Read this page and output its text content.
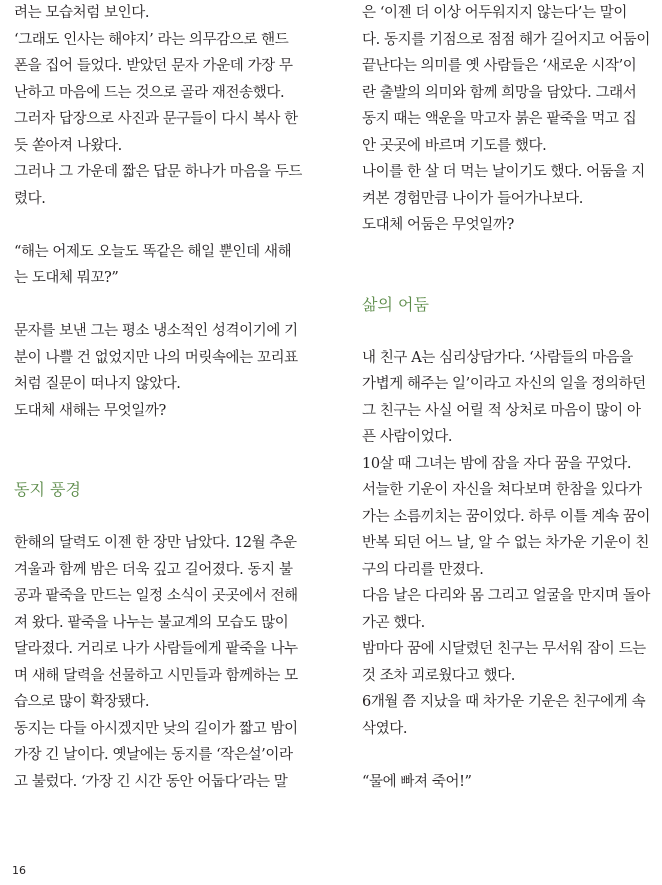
려는 모습처럼 보인다.
‘그래도 인사는 해야지’ 라는 의무감으로 핸드
폰을 집어 들었다. 받았던 문자 가운데 가장 무
난하고 마음에 드는 것으로 골라 재전송했다.
그러자 답장으로 사진과 문구들이 다시 복사 한
듯 쏟아져 나왔다.
그러나 그 가운데 짧은 답문 하나가 마음을 두드
렸다.
“해는 어제도 오늘도 똑같은 해일 뿐인데 새해
는 도대체 뭐꼬?”
문자를 보낸 그는 평소 냉소적인 성격이기에 기
분이 나쁠 건 없었지만 나의 머릿속에는 꼬리표
처럼 질문이 떠나지 않았다.
도대체 새해는 무엇일까?
동지 풍경
한해의 달력도 이젠 한 장만 남았다. 12월 추운
겨울과 함께 밤은 더욱 깊고 길어졌다. 동지 불
공과 팥죽을 만드는 일정 소식이 곳곳에서 전해
져 왔다. 팥죽을 나누는 불교계의 모습도 많이
달라졌다. 거리로 나가 사람들에게 팥죽을 나누
며 새해 달력을 선물하고 시민들과 함께하는 모
습으로 많이 확장됐다.
동지는 다들 아시겠지만 낮의 길이가 짧고 밤이
가장 긴 날이다. 옛날에는 동지를 ‘작은설’이라
고 불렀다. ‘가장 긴 시간 동안 어둡다’라는 말
은 ‘이젠 더 이상 어두워지지 않는다’는 말이
다. 동지를 기점으로 점점 해가 길어지고 어둠이
끝난다는 의미를 옛 사람들은 ‘새로운 시작’이
란 출발의 의미와 함께 희망을 담았다. 그래서
동지 때는 액운을 막고자 붉은 팥죽을 먹고 집
안 곳곳에 바르며 기도를 했다.
나이를 한 살 더 먹는 날이기도 했다. 어둠을 지
켜본 경험만큼 나이가 들어가나보다.
도대체 어둠은 무엇일까?
삶의 어둠
내 친구 A는 심리상담가다. ‘사람들의 마음을
가볍게 해주는 일’이라고 자신의 일을 정의하던
그 친구는 사실 어릴 적 상처로 마음이 많이 아
픈 사람이었다.
10살 때 그녀는 밤에 잠을 자다 꿈을 꾸었다.
서늘한 기운이 자신을 쳐다보며 한참을 있다가
가는 소름끼치는 꿈이었다. 하루 이틀 계속 꿈이
반복 되던 어느 날, 알 수 없는 차가운 기운이 친
구의 다리를 만졌다.
다음 날은 다리와 몸 그리고 얼굴을 만지며 돌아
가곤 했다.
밤마다 꿈에 시달렸던 친구는 무서워 잠이 드는
것 조차 괴로웠다고 했다.
6개월 쯤 지났을 때 차가운 기운은 친구에게 속
삭였다.
“물에 빠져 죽어!”
16
